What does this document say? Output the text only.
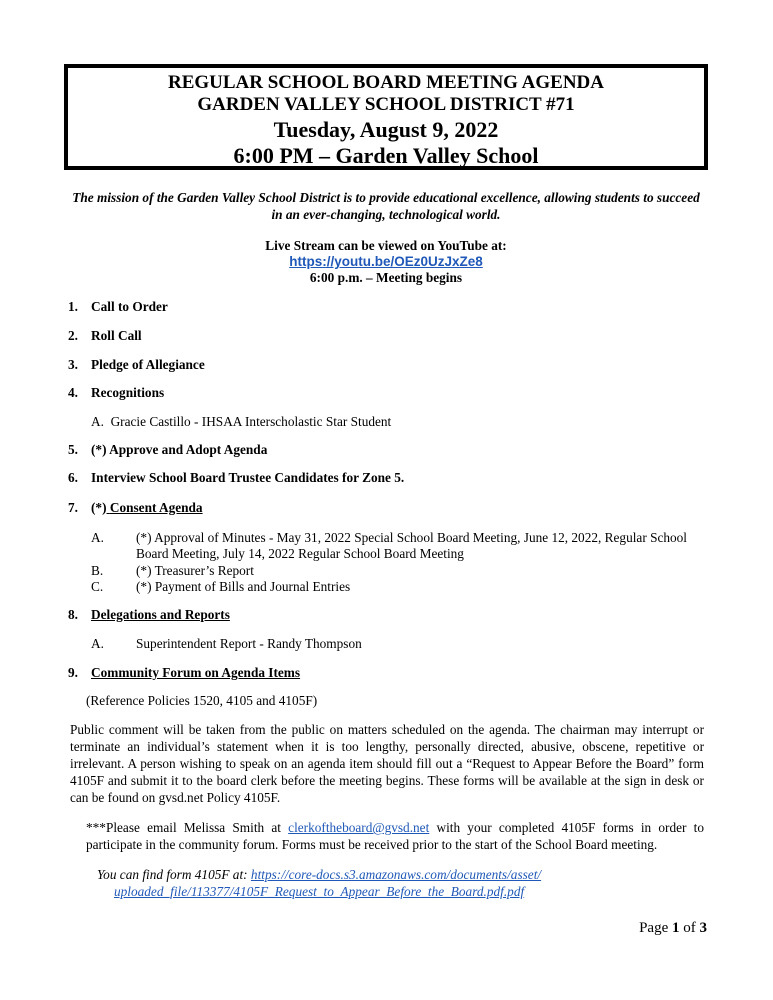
REGULAR SCHOOL BOARD MEETING AGENDA
GARDEN VALLEY SCHOOL DISTRICT #71
Tuesday, August 9, 2022
6:00 PM – Garden Valley School
The mission of the Garden Valley School District is to provide educational excellence, allowing students to succeed in an ever-changing, technological world.
Live Stream can be viewed on YouTube at:
https://youtu.be/OEz0UzJxZe8
6:00 p.m. – Meeting begins
1. Call to Order
2. Roll Call
3. Pledge of Allegiance
4. Recognitions
A.  Gracie Castillo - IHSAA Interscholastic Star Student
5. (*) Approve and Adopt Agenda
6. Interview School Board Trustee Candidates for Zone 5.
7. (*) Consent Agenda
A. (*) Approval of Minutes - May 31, 2022 Special School Board Meeting, June 12, 2022, Regular School Board Meeting, July 14, 2022 Regular School Board Meeting
B. (*) Treasurer’s Report
C. (*) Payment of Bills and Journal Entries
8. Delegations and Reports
A. Superintendent Report - Randy Thompson
9. Community Forum on Agenda Items
(Reference Policies 1520, 4105 and 4105F)
Public comment will be taken from the public on matters scheduled on the agenda. The chairman may interrupt or terminate an individual’s statement when it is too lengthy, personally directed, abusive, obscene, repetitive or irrelevant. A person wishing to speak on an agenda item should fill out a “Request to Appear Before the Board” form 4105F and submit it to the board clerk before the meeting begins. These forms will be available at the sign in desk or can be found on gvsd.net Policy 4105F.
***Please email Melissa Smith at clerkoftheboard@gvsd.net with your completed 4105F forms in order to participate in the community forum. Forms must be received prior to the start of the School Board meeting.
You can find form 4105F at: https://core-docs.s3.amazonaws.com/documents/asset/
uploaded_file/113377/4105F_Request_to_Appear_Before_the_Board.pdf.pdf
Page 1 of 3
